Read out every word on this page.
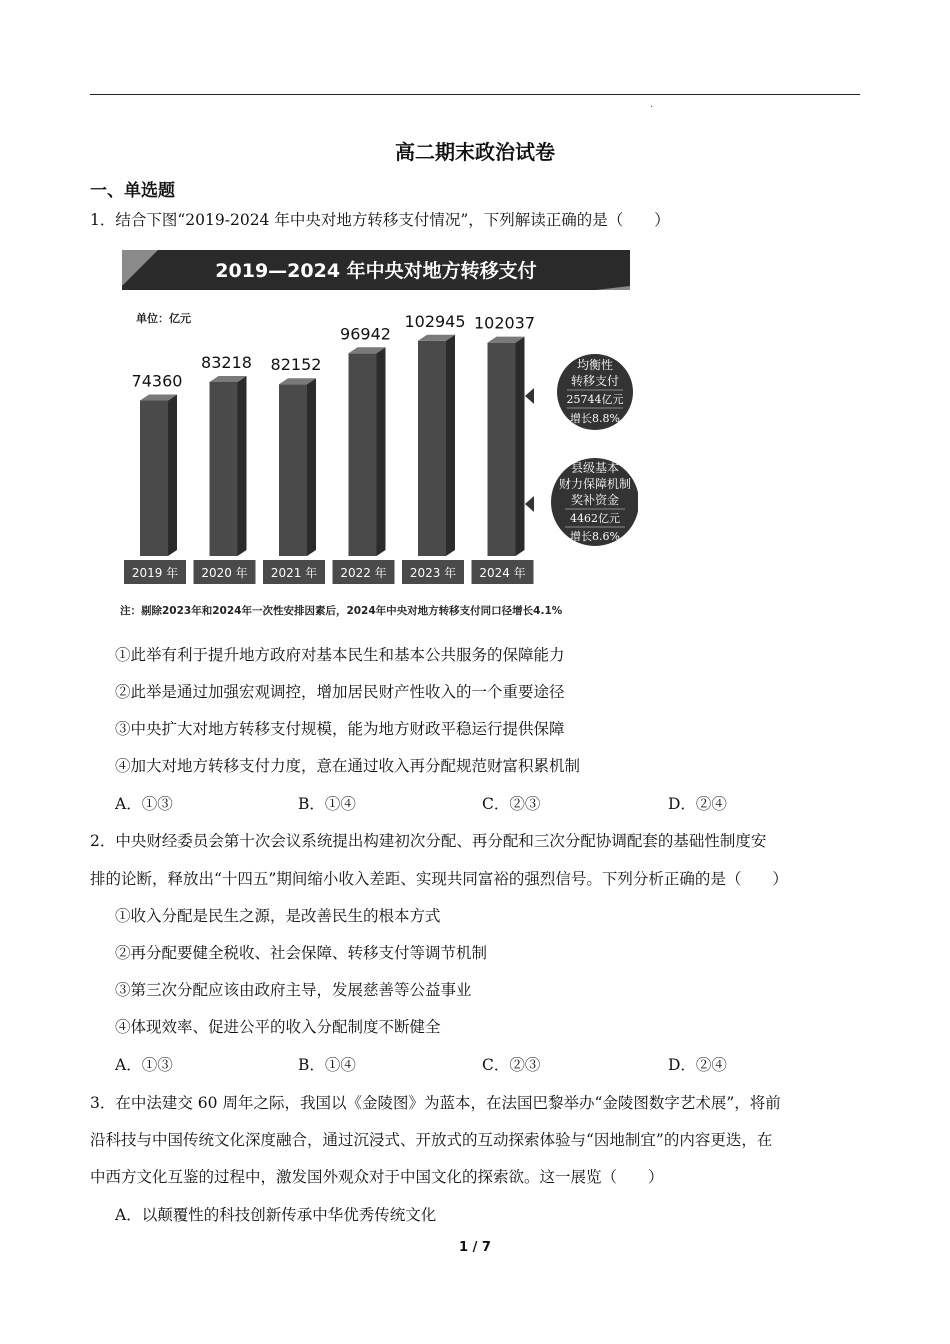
·
高二期末政治试卷
一、单选题
1．结合下图“2019-2024 年中央对地方转移支付情况”，下列解读正确的是（　　）
2019—2024 年中央对地方转移支付
单位：亿元
74360
83218 82152
96942
102945 102037
2019 年 2020 年 2021 年 2022 年 2023 年 2024 年
均衡性
转移支付
25744亿元
增长8.8%
县级基本
财力保障机制
奖补资金
4462亿元
增长8.6%
注：剔除2023年和2024年一次性安排因素后，2024年中央对地方转移支付同口径增长4.1%
①此举有利于提升地方政府对基本民生和基本公共服务的保障能力
②此举是通过加强宏观调控，增加居民财产性收入的一个重要途径
③中央扩大对地方转移支付规模，能为地方财政平稳运行提供保障
④加大对地方转移支付力度，意在通过收入再分配规范财富积累机制
A．①③	B．①④	C．②③	D．②④
2．中央财经委员会第十次会议系统提出构建初次分配、再分配和三次分配协调配套的基础性制度安
排的论断，释放出“十四五”期间缩小收入差距、实现共同富裕的强烈信号。下列分析正确的是（　　）
①收入分配是民生之源，是改善民生的根本方式
②再分配要健全税收、社会保障、转移支付等调节机制
③第三次分配应该由政府主导，发展慈善等公益事业
④体现效率、促进公平的收入分配制度不断健全
A．①③	B．①④	C．②③	D．②④
3．在中法建交 60 周年之际，我国以《金陵图》为蓝本，在法国巴黎举办“金陵图数字艺术展”，将前
沿科技与中国传统文化深度融合，通过沉浸式、开放式的互动探索体验与“因地制宜”的内容更迭，在
中西方文化互鉴的过程中，激发国外观众对于中国文化的探索欲。这一展览（　　）
A．以颠覆性的科技创新传承中华优秀传统文化
1 / 7
